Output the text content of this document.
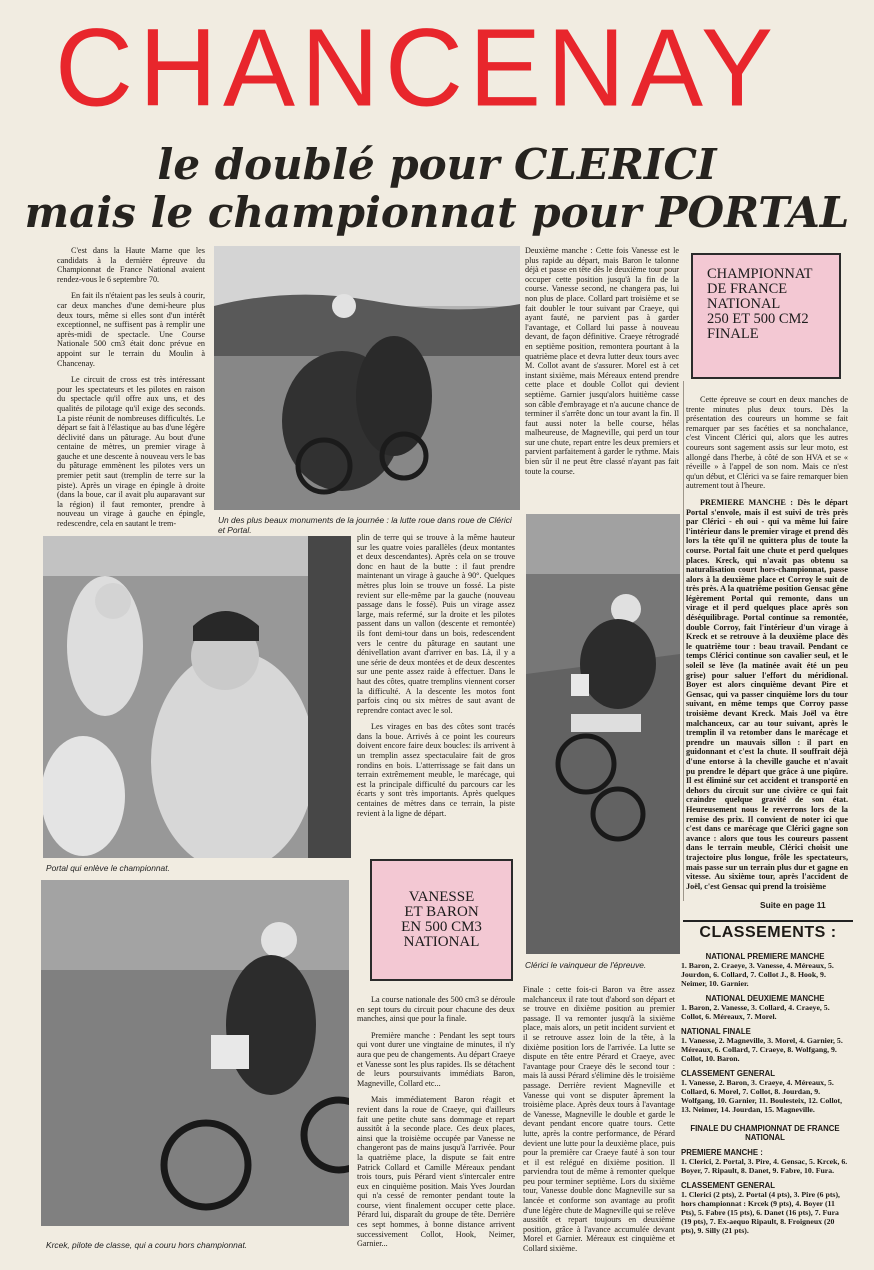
CHANCENAY
le doublé pour CLERICI
mais le championnat pour PORTAL

C'est dans la Haute Marne que les candidats à la dernière épreuve du Championnat de France National avaient rendez-vous le 6 septembre 70.

En fait ils n'étaient pas les seuls à courir, car deux manches d'une demi-heure plus deux tours, même si elles sont d'un intérêt exceptionnel, ne suffisent pas à remplir une après-midi de spectacle. Une Course Nationale 500 cm3 était donc prévue en appoint sur le terrain du Moulin à Chancenay.

Le circuit de cross est très intéressant pour les spectateurs et les pilotes en raison du spectacle qu'il offre aux uns, et des qualités de pilotage qu'il exige des seconds. La piste réunit de nombreuses difficultés. Le départ se fait à l'élastique au bas d'une légère déclivité dans un pâturage. Au bout d'une centaine de mètres, un premier virage à gauche et une descente à nouveau vers le bas du pâturage emmènent les pilotes vers un premier petit saut (tremplin de terre sur la piste). Après un virage en épingle à droite (dans la boue, car il avait plu auparavant sur la région) il faut remonter, prendre à nouveau un virage à gauche en épingle, redescendre, cela en sautant le trem-	Un des plus beaux monuments de la journée : la lutte roue dans roue de Clérici et Portal.
Portal qui enlève le championnat.

plin de terre qui se trouve à la même hauteur sur les quatre voies parallèles (deux montantes et deux descendantes). Après cela on se trouve donc en haut de la butte : il faut prendre maintenant un virage à gauche à 90°. Quelques mètres plus loin se trouve un fossé. La piste revient sur elle-même par la gauche (nouveau passage dans le fossé). Puis un virage assez large, mais refermé, sur la droite et les pilotes passent dans un vallon (descente et remontée) ils font demi-tour dans un bois, redescendent vers le centre du pâturage en sautant une dénivellation avant d'arriver en bas. Là, il y a une série de deux montées et de deux descentes sur une pente assez raide à effectuer. Dans le haut des côtes, quatre tremplins viennent corser la difficulté. A la descente les motos font parfois cinq ou six mètres de saut avant de reprendre contact avec le sol.

Les virages en bas des côtes sont tracés dans la boue. Arrivés à ce point les coureurs doivent encore faire deux boucles: ils arrivent à un tremplin assez spectaculaire fait de gros rondins en bois. L'atterrissage se fait dans un terrain extrêmement meuble, le marécage, qui est la principale difficulté du parcours car les écarts y sont très importants. Après quelques centaines de mètres dans ce terrain, la piste revient à la ligne de départ.

Deuxième manche : Cette fois Vanesse est le plus rapide au départ, mais Baron le talonne déjà et passe en tête dès le deuxième tour pour occuper cette position jusqu'à la fin de la course. Vanesse second, ne changera pas, lui non plus de place. Collard part troisième et se fait doubler le tour suivant par Craeye, qui ayant fauté, ne parvient pas à garder l'avantage, et Collard lui passe à nouveau devant, de façon définitive. Craeye rétrogradé en septième position, remontera pourtant à la quatrième place et devra lutter deux tours avec M. Collot avant de s'assurer. Morel est à cet instant sixième, mais Méreaux entend prendre cette place et double Collot qui devient septième. Garnier jusqu'alors huitième casse son câble d'embrayage et n'a aucune chance de terminer il s'arrête donc un tour avant la fin. Il faut aussi noter la belle course, hélas malheureuse, de Magneville, qui perd un tour sur une chute, repart entre les deux premiers et parvient parfaitement à garder le rythme. Mais bien sûr il ne peut être classé n'ayant pas fait toute la course.

CHAMPIONNAT
DE FRANCE
NATIONAL
250 ET 500 CM2
FINALE

Cette épreuve se court en deux manches de trente minutes plus deux tours. Dès la présentation des coureurs un homme se fait remarquer par ses facéties et sa nonchalance, c'est Vincent Clérici qui, alors que les autres coureurs sont sagement assis sur leur moto, est allongé dans l'herbe, à côté de son HVA et se « réveille » à l'appel de son nom. Mais ce n'est qu'un début, et Clérici va se faire remarquer bien autrement tout à l'heure.

PREMIERE MANCHE : Dès le départ Portal s'envole, mais il est suivi de très près par Clérici - eh oui - qui va même lui faire l'intérieur dans le premier virage et prend dès lors la tête qu'il ne quittera plus de toute la course. Portal fait une chute et perd quelques places. Kreck, qui n'avait pas obtenu sa naturalisation court hors-championnat, passe alors à la deuxième place et Corroy le suit de très près. A la quatrième position Gensac gêne légèrement Portal qui remonte, dans un virage et il perd quelques place après son déséquilibrage. Portal continue sa remontée, double Corroy, fait l'intérieur d'un virage à Kreck et se retrouve à la deuxième place dès le quatrième tour : beau travail. Pendant ce temps Clérici continue son cavalier seul, et le soleil se lève (la matinée avait été un peu grise) pour saluer l'effort du méridional. Boyer est alors cinquième devant Pire et Gensac, qui va passer cinquième lors du tour suivant, en même temps que Corroy passe troisième devant Kreck. Mais Joël va être malchanceux, car au tour suivant, après le tremplin il va retomber dans le marécage et prendre un mauvais sillon : il part en guidonnant et c'est la chute. Il souffrait déjà d'une entorse à la cheville gauche et n'avait pu prendre le départ que grâce à une piqûre. Il est éliminé sur cet accident et transporté en dehors du circuit sur une civière ce qui fait craindre quelque gravité de son état. Heureusement nous le reverrons lors de la remise des prix. Il convient de noter ici que c'est dans ce marécage que Clérici gagne son avance : alors que tous les coureurs passent dans le terrain meuble, Clérici choisit une trajectoire plus longue, frôle les spectateurs, mais passe sur un terrain plus dur et gagne en vitesse. Au sixième tour, après l'accident de Joël, c'est Gensac qui prend la troisième

Suite en page 11
Clérici le vainqueur de l'épreuve.
VANESSE
ET BARON
EN 500 CM3
NATIONAL
Krcek, pilote de classe, qui a couru hors championnat.

La course nationale des 500 cm3 se déroule en sept tours du circuit pour chacune des deux manches, ainsi que pour la finale.

Première manche : Pendant les sept tours qui vont durer une vingtaine de minutes, il n'y aura que peu de changements. Au départ Craeye et Vanesse sont les plus rapides. Ils se détachent de leurs poursuivants immédiats Baron, Magneville, Collard etc...

Mais immédiatement Baron réagit et revient dans la roue de Craeye, qui d'ailleurs fait une petite chute sans dommage et repart aussitôt à la seconde place. Ces deux places, ainsi que la troisième occupée par Vanesse ne changeront pas de mains jusqu'à l'arrivée. Pour la quatrième place, la dispute se fait entre Patrick Collard et Camille Méreaux pendant trois tours, puis Pérard vient s'intercaler entre eux en cinquième position. Mais Yves Jourdan qui n'a cessé de remonter pendant toute la course, vient finalement occuper cette place. Pérard lui, disparaît du groupe de tête. Derrière ces sept hommes, à bonne distance arrivent successivement Collot, Hook, Neimer, Garnier...

Finale : cette fois-ci Baron va être assez malchanceux il rate tout d'abord son départ et se trouve en dixième position au premier passage. Il va remonter jusqu'à la sixième place, mais alors, un petit incident survient et il se retrouve assez loin de la tête, à la dixième position lors de l'arrivée. La lutte se dispute en tête entre Pérard et Craeye, avec l'avantage pour Craeye dès le second tour : mais là aussi Pérard s'élimine dès le troisième passage. Derrière revient Magneville et Vanesse qui vont se disputer âprement la troisième place. Après deux tours à l'avantage de Vanesse, Magneville le double et garde le devant pendant encore quatre tours. Cette lutte, après la contre performance, de Pérard devient une lutte pour la deuxième place, puis pour la première car Craeye fauté à son tour et il est relégué en dixième position. Il parviendra tout de même à remonter quelque peu pour terminer septième. Lors du sixième tour, Vanesse double donc Magneville sur sa lancée et conforme son avantage au profit d'une légère chute de Magneville qui se relève aussitôt et repart toujours en deuxième position, grâce à l'avance accumulée devant Morel et Garnier. Méreaux est cinquième et Collard sixième.

CLASSEMENTS :
NATIONAL PREMIERE MANCHE
1. Baron, 2. Craeye, 3. Vanesse, 4. Méreaux, 5. Jourdon, 6. Collard, 7. Collot J., 8. Hook, 9. Neimer, 10. Garnier.
NATIONAL DEUXIEME MANCHE
1. Baron, 2. Vanesse, 3. Collard, 4. Craeye, 5. Collot, 6. Méreaux, 7. Morel.
NATIONAL FINALE
1. Vanesse, 2. Magneville, 3. Morel, 4. Garnier, 5. Méreaux, 6. Collard, 7. Craeye, 8. Wolfgang, 9. Collot, 10. Baron.
CLASSEMENT GENERAL
1. Vanesse, 2. Baron, 3. Craeye, 4. Méreaux, 5. Collard, 6. Morel, 7. Collot, 8. Jourdan, 9. Wolfgang, 10. Garnier, 11. Boulesteix, 12. Collot, 13. Neimer, 14. Jourdan, 15. Magneville.
FINALE DU CHAMPIONNAT DE FRANCE NATIONAL
PREMIERE MANCHE :
1. Clerici, 2. Portal, 3. Pire, 4. Gensac, 5. Krcek, 6. Boyer, 7. Ripault, 8. Danet, 9. Fabre, 10. Fura.
CLASSEMENT GENERAL
1. Clerici (2 pts), 2. Portal (4 pts), 3. Pire (6 pts), hors championnat : Krcek (9 pts), 4. Boyer (11 Pts), 5. Fabre (15 pts), 6. Danet (16 pts), 7. Fura (19 pts), 7. Ex-aequo Ripault, 8. Froigneux (20 pts), 9. Silly (21 pts).
